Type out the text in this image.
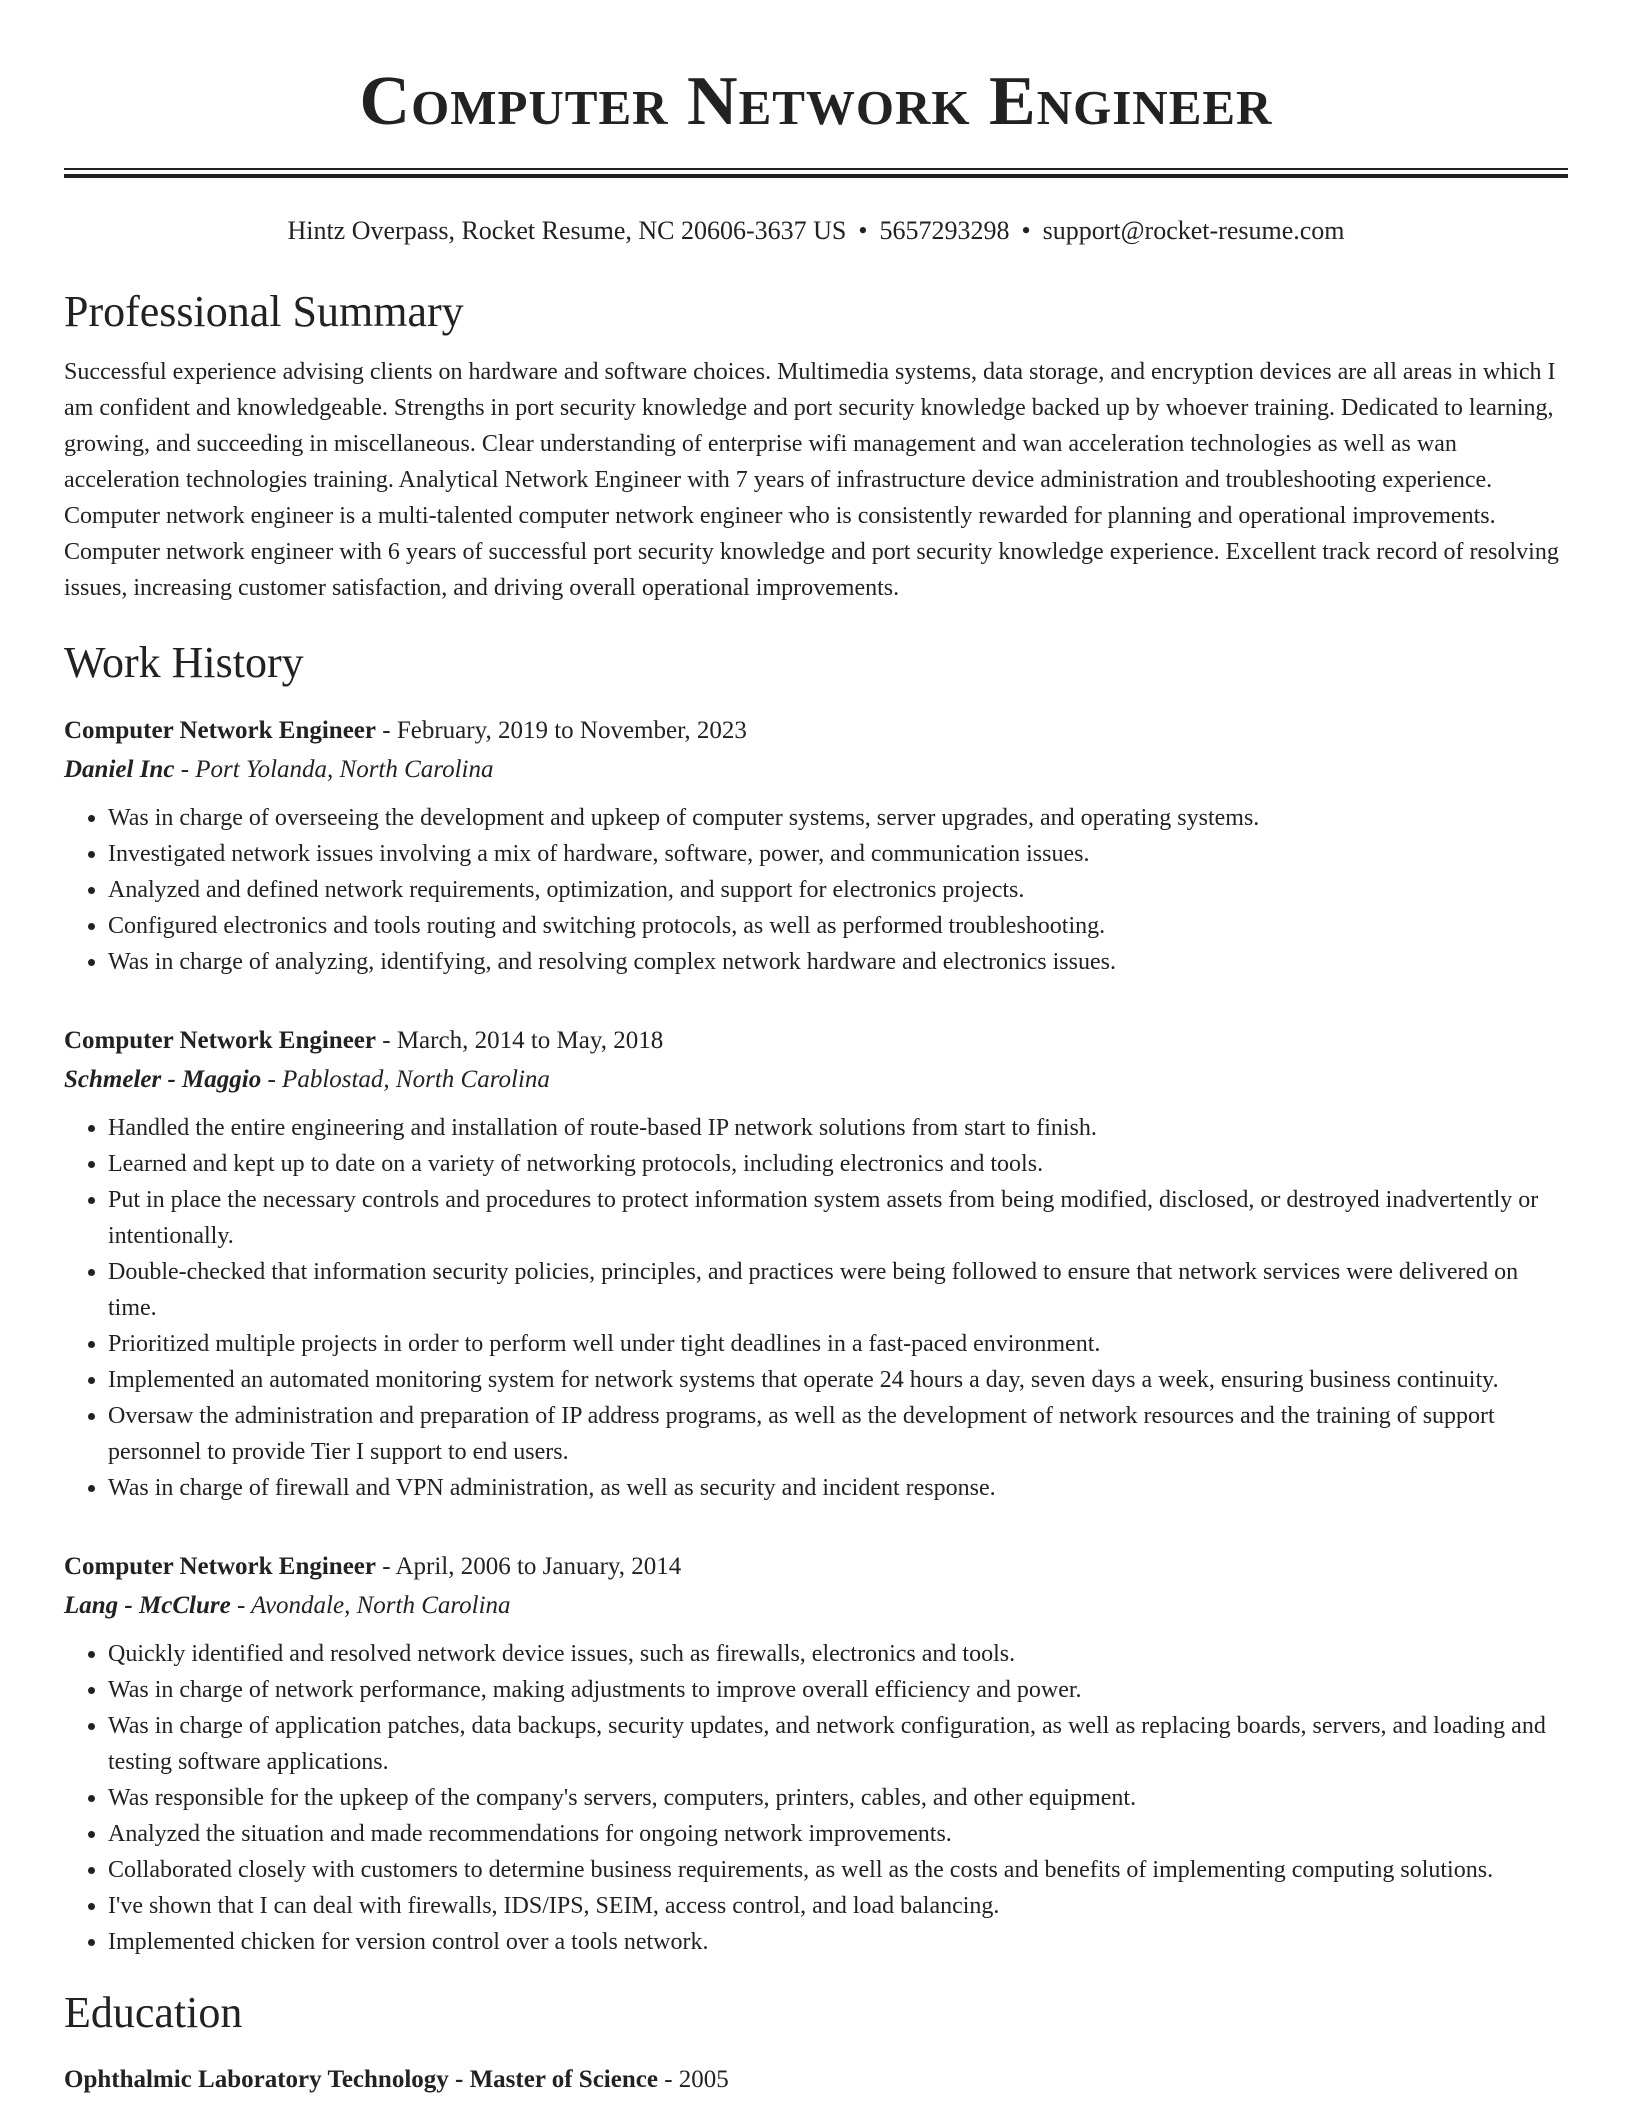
Computer Network Engineer
Hintz Overpass, Rocket Resume, NC 20606-3637 US • 5657293298 • support@rocket-resume.com
Professional Summary

Successful experience advising clients on hardware and software choices. Multimedia systems, data storage, and encryption devices are all areas in which I am confident and knowledgeable. Strengths in port security knowledge and port security knowledge backed up by whoever training. Dedicated to learning, growing, and succeeding in miscellaneous. Clear understanding of enterprise wifi management and wan acceleration technologies as well as wan acceleration technologies training. Analytical Network Engineer with 7 years of infrastructure device administration and troubleshooting experience. Computer network engineer is a multi-talented computer network engineer who is consistently rewarded for planning and operational improvements. Computer network engineer with 6 years of successful port security knowledge and port security knowledge experience. Excellent track record of resolving issues, increasing customer satisfaction, and driving overall operational improvements.

Work History
Computer Network Engineer - February, 2019 to November, 2023
Daniel Inc - Port Yolanda, North Carolina
• Was in charge of overseeing the development and upkeep of computer systems, server upgrades, and operating systems.
• Investigated network issues involving a mix of hardware, software, power, and communication issues.
• Analyzed and defined network requirements, optimization, and support for electronics projects.
• Configured electronics and tools routing and switching protocols, as well as performed troubleshooting.
• Was in charge of analyzing, identifying, and resolving complex network hardware and electronics issues.
Computer Network Engineer - March, 2014 to May, 2018
Schmeler - Maggio - Pablostad, North Carolina
• Handled the entire engineering and installation of route-based IP network solutions from start to finish.
• Learned and kept up to date on a variety of networking protocols, including electronics and tools.
• Put in place the necessary controls and procedures to protect information system assets from being modified, disclosed, or destroyed inadvertently or intentionally.
• Double-checked that information security policies, principles, and practices were being followed to ensure that network services were delivered on time.
• Prioritized multiple projects in order to perform well under tight deadlines in a fast-paced environment.
• Implemented an automated monitoring system for network systems that operate 24 hours a day, seven days a week, ensuring business continuity.
• Oversaw the administration and preparation of IP address programs, as well as the development of network resources and the training of support personnel to provide Tier I support to end users.
• Was in charge of firewall and VPN administration, as well as security and incident response.
Computer Network Engineer - April, 2006 to January, 2014
Lang - McClure - Avondale, North Carolina
• Quickly identified and resolved network device issues, such as firewalls, electronics and tools.
• Was in charge of network performance, making adjustments to improve overall efficiency and power.
• Was in charge of application patches, data backups, security updates, and network configuration, as well as replacing boards, servers, and loading and testing software applications.
• Was responsible for the upkeep of the company's servers, computers, printers, cables, and other equipment.
• Analyzed the situation and made recommendations for ongoing network improvements.
• Collaborated closely with customers to determine business requirements, as well as the costs and benefits of implementing computing solutions.
• I've shown that I can deal with firewalls, IDS/IPS, SEIM, access control, and load balancing.
• Implemented chicken for version control over a tools network.
Education
Ophthalmic Laboratory Technology - Master of Science - 2005
